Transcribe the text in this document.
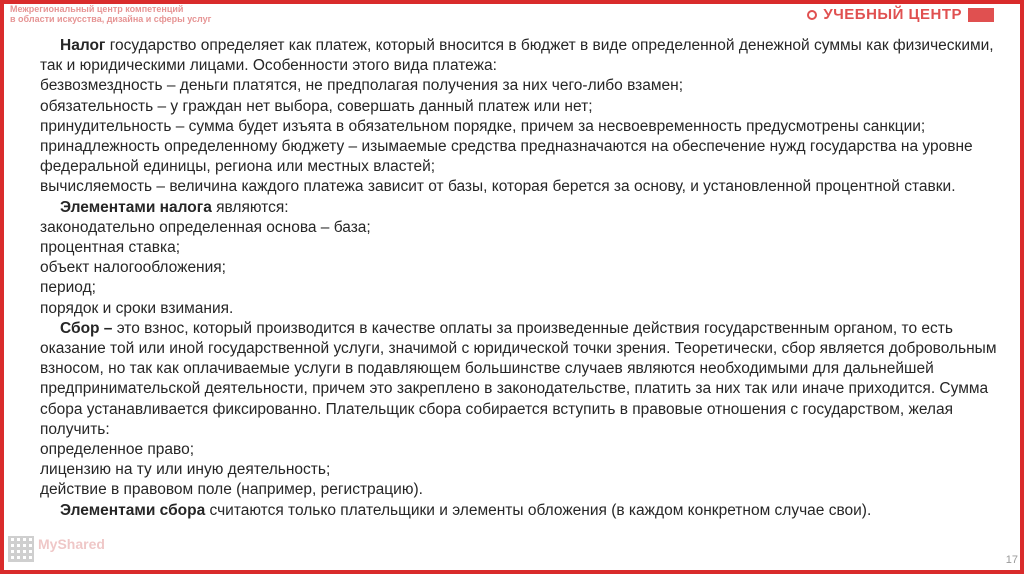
Межрегиональный центр компетенций
в области искусства, дизайна и сферы услуг	УЧЕБНЫЙ ЦЕНТР

Налог государство определяет как платеж, который вносится в бюджет в виде определенной денежной суммы как физическими, так и юридическими лицами. Особенности этого вида платежа:

безвозмездность – деньги платятся, не предполагая получения за них чего-либо взамен;

обязательность – у граждан нет выбора, совершать данный платеж или нет;

принудительность – сумма будет изъята в обязательном порядке, причем за несвоевременность предусмотрены санкции;

принадлежность определенному бюджету – изымаемые средства предназначаются на обеспечение нужд государства на уровне федеральной единицы, региона или местных властей;

вычисляемость – величина каждого платежа зависит от базы, которая берется за основу, и установленной процентной ставки.

Элементами налога являются:

законодательно определенная основа – база;

процентная ставка;

объект налогообложения;

период;

порядок и сроки взимания.

Сбор – это взнос, который производится в качестве оплаты за произведенные действия государственным органом, то есть оказание той или иной государственной услуги, значимой с юридической точки зрения. Теоретически, сбор является добровольным взносом, но так как оплачиваемые услуги в подавляющем большинстве случаев являются необходимыми для дальнейшей предпринимательской деятельности, причем это закреплено в законодательстве, платить за них так или иначе приходится. Сумма сбора устанавливается фиксированно. Плательщик сбора собирается вступить в правовые отношения с государством, желая получить:

определенное право;

лицензию на ту или иную деятельность;

действие в правовом поле (например, регистрацию).

Элементами сбора считаются только плательщики и элементы обложения (в каждом конкретном случае свои).

MyShared
17
